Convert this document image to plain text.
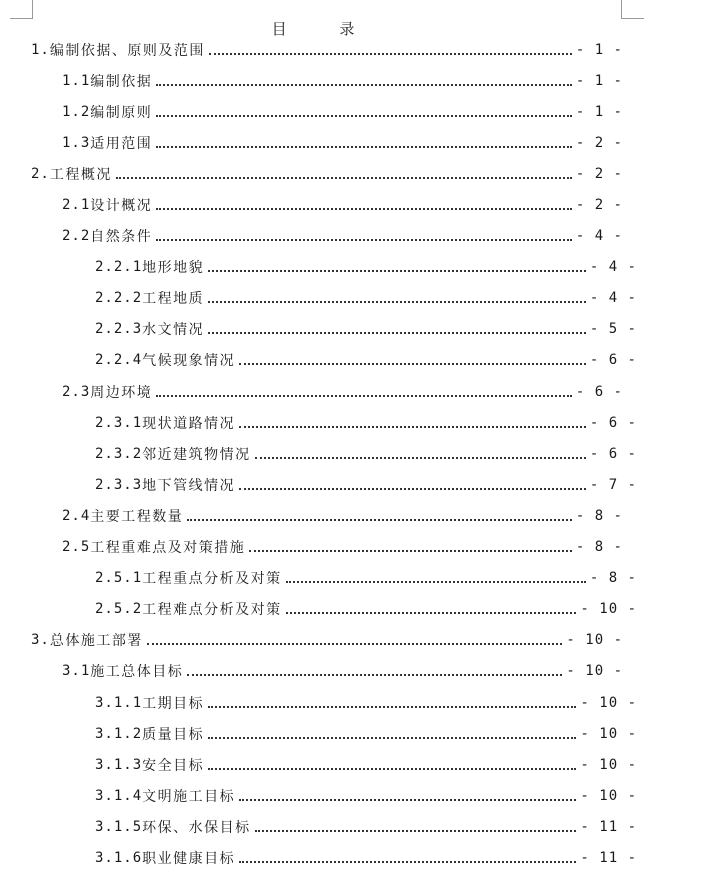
目 录
1. 编制依据、原则及范围	- 1 -
1.1 编制依据	- 1 -
1.2 编制原则	- 1 -
1.3 适用范围	- 2 -
2. 工程概况	- 2 -
2.1 设计概况	- 2 -
2.2 自然条件	- 4 -
2.2.1 地形地貌	- 4 -
2.2.2 工程地质	- 4 -
2.2.3 水文情况	- 5 -
2.2.4 气候现象情况	- 6 -
2.3 周边环境	- 6 -
2.3.1 现状道路情况	- 6 -
2.3.2 邻近建筑物情况	- 6 -
2.3.3 地下管线情况	- 7 -
2.4 主要工程数量	- 8 -
2.5 工程重难点及对策措施	- 8 -
2.5.1 工程重点分析及对策	- 8 -
2.5.2 工程难点分析及对策	- 10 -
3. 总体施工部署	- 10 -
3.1 施工总体目标	- 10 -
3.1.1 工期目标	- 10 -
3.1.2 质量目标	- 10 -
3.1.3 安全目标	- 10 -
3.1.4 文明施工目标	- 10 -
3.1.5 环保、水保目标	- 11 -
3.1.6 职业健康目标	- 11 -
